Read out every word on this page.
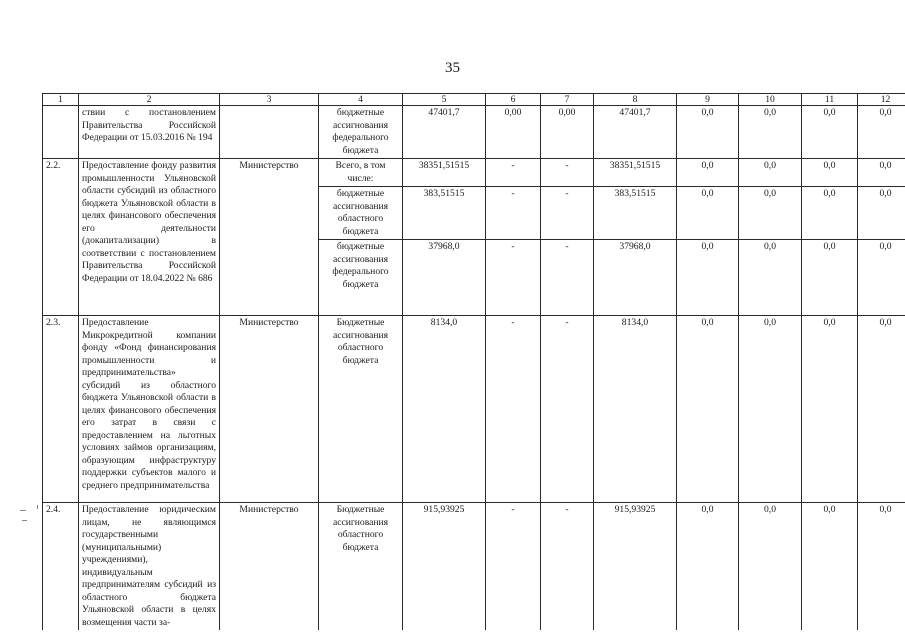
35
1	2	3	4	5	6	7	8	9	10	11	12
	ствии с постановлением Правительства Российской Федерации от 15.03.2016 № 194		бюджетные ассигнования федерального бюджета	47401,7	0,00	0,00	47401,7	0,0	0,0	0,0	0,0
2.2.	Предоставление фонду развития промышленности Ульяновской области субсидий из областного бюджета Ульяновской области в целях финансового обеспечения его деятельности (докапитализации) в соответствии с постановлением Правительства Российской Федерации от 18.04.2022 № 686	Министерство	Всего, в том числе:	38351,51515	-	-	38351,51515	0,0	0,0	0,0	0,0
			бюджетные ассигнования областного бюджета	383,51515	-	-	383,51515	0,0	0,0	0,0	0,0
			бюджетные ассигнования федерального бюджета	37968,0	-	-	37968,0	0,0	0,0	0,0	0,0
2.3.	Предоставление Микрокредитной компании фонду «Фонд финансирования промышленности и предпринимательства» субсидий из областного бюджета Ульяновской области в целях финансового обеспечения его затрат в связи с предоставлением на льготных условиях займов организациям, образующим инфраструктуру поддержки субъектов малого и среднего предпринимательства	Министерство	Бюджетные ассигнования областного бюджета	8134,0	-	-	8134,0	0,0	0,0	0,0	0,0
2.4.	Предоставление юридическим лицам, не являющимся государственными (муниципальными) учреждениями), индивидуальным предпринимателям субсидий из областного бюджета Ульяновской области в целях возмещения части за-	Министерство	Бюджетные ассигнования областного бюджета	915,93925	-	-	915,93925	0,0	0,0	0,0	0,0
